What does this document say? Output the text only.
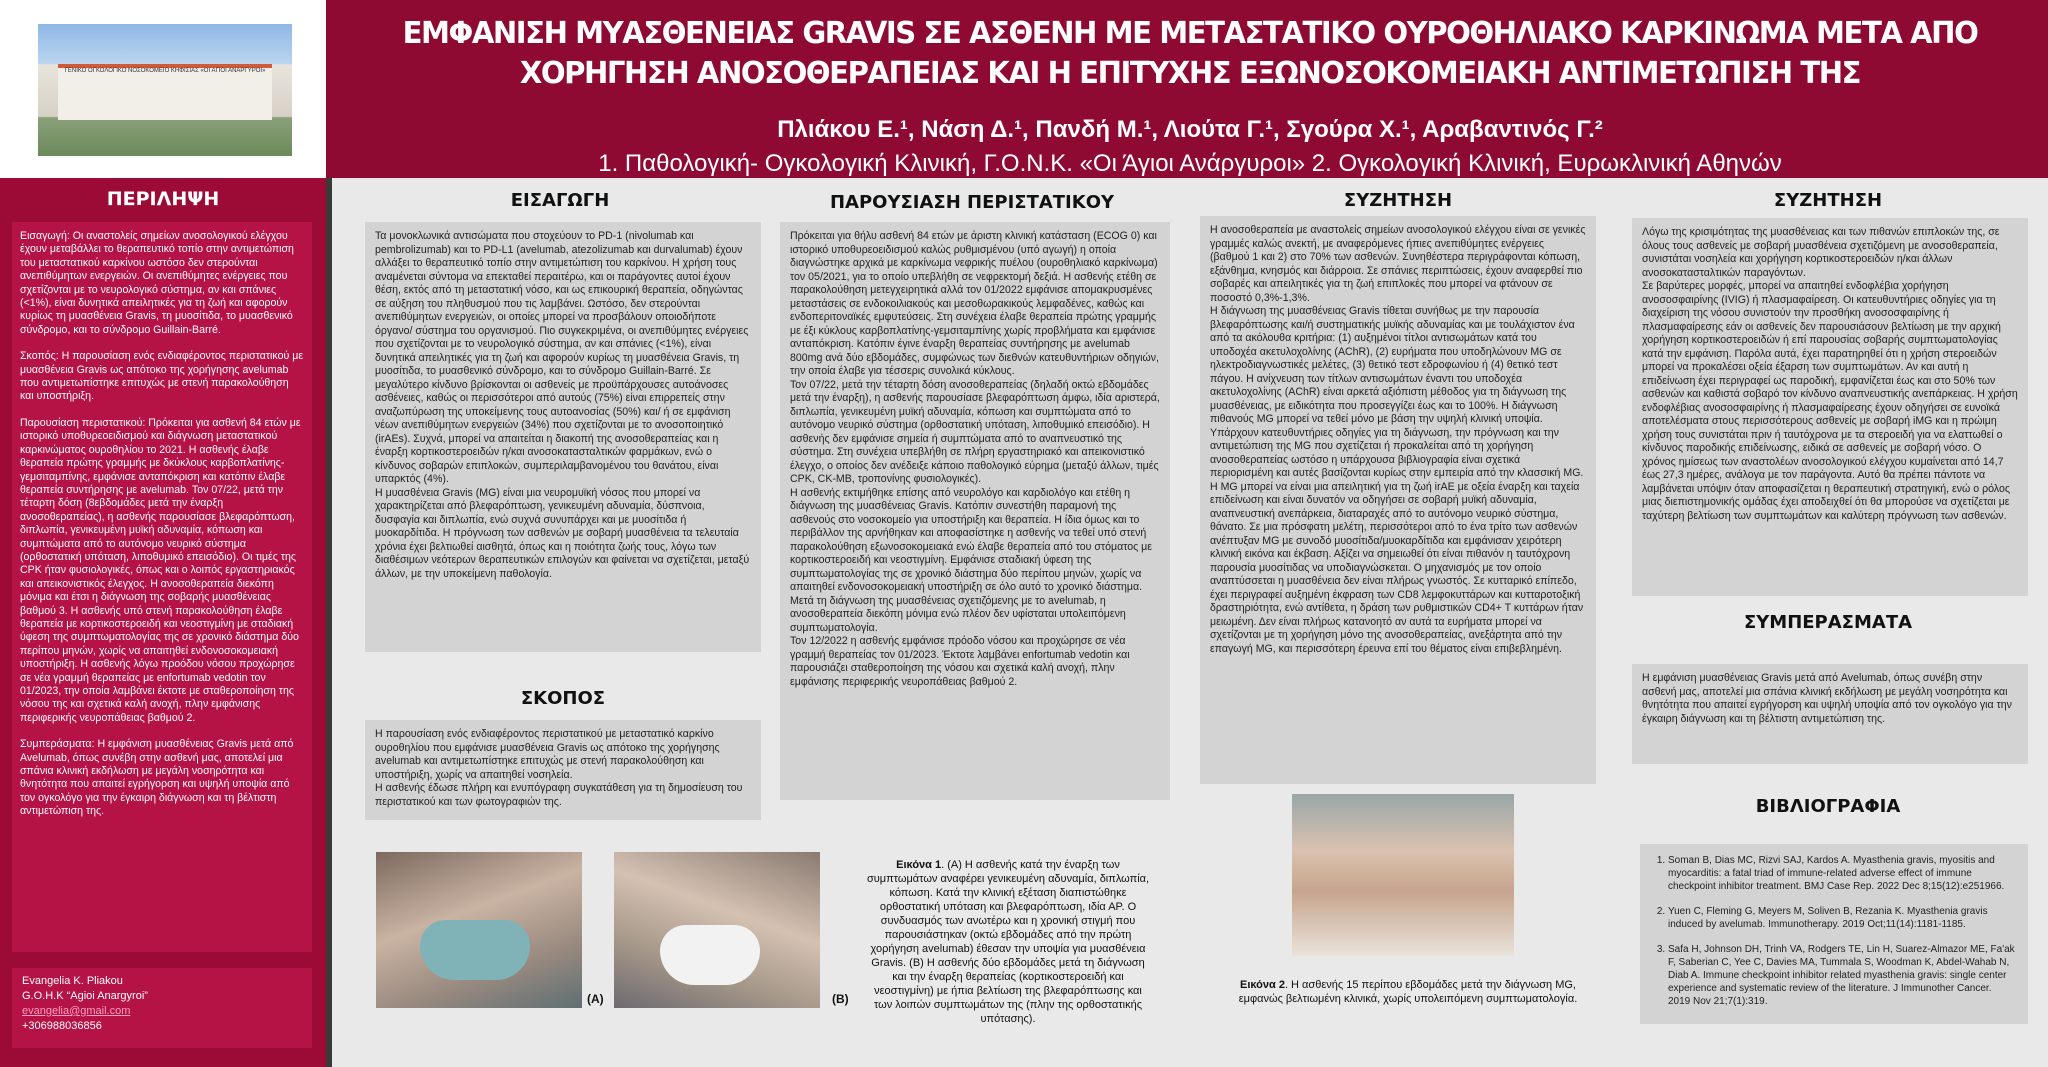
ΓΕΝΙΚΟ ΟΓΚΟΛΟΓΙΚΟ ΝΟΣΟΚΟΜΕΙΟ ΚΗΦΙΣΙΑΣ «ΟΙ ΑΓΙΟΙ ΑΝΑΡΓΥΡΟΙ»
ΕΜΦΑΝΙΣΗ ΜΥΑΣΘΕΝΕΙΑΣ GRAVIS ΣΕ ΑΣΘΕΝΗ ΜΕ ΜΕΤΑΣΤΑΤΙΚΟ ΟΥΡΟΘΗΛΙΑΚΟ ΚΑΡΚΙΝΩΜΑ ΜΕΤΑ ΑΠΟ ΧΟΡΗΓΗΣΗ ΑΝΟΣΟΘΕΡΑΠΕΙΑΣ ΚΑΙ Η ΕΠΙΤΥΧΗΣ ΕΞΩΝΟΣΟΚΟΜΕΙΑΚΗ ΑΝΤΙΜΕΤΩΠΙΣΗ ΤΗΣ
Πλιάκου Ε.¹, Νάση Δ.¹, Πανδή Μ.¹, Λιούτα Γ.¹, Σγούρα Χ.¹, Αραβαντινός Γ.²
1. Παθολογική- Ογκολογική Κλινική, Γ.Ο.Ν.Κ. «Οι Άγιοι Ανάργυροι» 2. Ογκολογική Κλινική, Ευρωκλινική Αθηνών
ΠΕΡΙΛΗΨΗ

Εισαγωγή: Οι αναστολείς σημείων ανοσολογικού ελέγχου έχουν μεταβάλλει το θεραπευτικό τοπίο στην αντιμετώπιση του μεταστατικού καρκίνου ωστόσο δεν στερούνται ανεπιθύμητων ενεργειών. Οι ανεπιθύμητες ενέργειες που σχετίζονται με το νευρολογικό σύστημα, αν και σπάνιες (<1%), είναι δυνητικά απειλητικές για τη ζωή και αφορούν κυρίως τη μυασθένεια Gravis, τη μυοσίτιδα, το μυασθενικό σύνδρομο, και το σύνδρομο Guillain-Barré.

Σκοπός: Η παρουσίαση ενός ενδιαφέροντος περιστατικού με μυασθένεια Gravis ως απότοκο της χορήγησης avelumab που αντιμετωπίστηκε επιτυχώς με στενή παρακολούθηση και υποστήριξη.

Παρουσίαση περιστατικού: Πρόκειται για ασθενή 84 ετών με ιστορικό υποθυρεοειδισμού και διάγνωση μεταστατικού καρκινώματος ουροθηλίου το 2021. Η ασθενής έλαβε θεραπεία πρώτης γραμμής με δκύκλους καρβοπλατίνης-γεμσιταμπίνης, εμφάνισε ανταπόκριση και κατόπιν έλαβε θεραπεία συντήρησης με avelumab. Τον 07/22, μετά την τέταρτη δόση (8εβδομάδες μετά την έναρξη ανοσοθεραπείας), η ασθενής παρουσίασε βλεφαρόπτωση, διπλωπία, γενικευμένη μυϊκή αδυναμία, κόπωση και συμπτώματα από το αυτόνομο νευρικό σύστημα (ορθοστατική υπόταση, λιποθυμικό επεισόδιο). Οι τιμές της CPK ήταν φυσιολογικές, όπως και ο λοιπός εργαστηριακός και απεικονιστικός έλεγχος. Η ανοσοθεραπεία διεκόπη μόνιμα και έτσι η διάγνωση της σοβαρής μυασθένειας βαθμού 3. Η ασθενής υπό στενή παρακολούθηση έλαβε θεραπεία με κορτικοστεροειδή και νεοστιγμίνη με σταδιακή ύφεση της συμπτωματολογίας της σε χρονικό διάστημα δύο περίπου μηνών, χωρίς να απαιτηθεί ενδονοσοκομειακή υποστήριξη. Η ασθενής λόγω προόδου νόσου προχώρησε σε νέα γραμμή θεραπείας με enfortumab vedotin τον 01/2023, την οποία λαμβάνει έκτοτε με σταθεροποίηση της νόσου της και σχετικά καλή ανοχή, πλην εμφάνισης περιφερικής νευροπάθειας βαθμού 2.

Συμπεράσματα: Η εμφάνιση μυασθένειας Gravis μετά από Avelumab, όπως συνέβη στην ασθενή μας, αποτελεί μια σπάνια κλινική εκδήλωση με μεγάλη νοσηρότητα και θνητότητα που απαιτεί εγρήγορση και υψηλή υποψία από τον ογκολόγο για την έγκαιρη διάγνωση και τη βέλτιστη αντιμετώπιση της.

Evangelia K. Pliakou
G.O.H.K “Agioi Anargyroi”
evangelia@gmail.com
+306988036856
ΕΙΣΑΓΩΓΗ
Τα μονοκλωνικά αντισώματα που στοχεύουν το PD-1 (nivolumab και pembrolizumab) και το PD-L1 (avelumab, atezolizumab και durvalumab) έχουν αλλάξει το θεραπευτικό τοπίο στην αντιμετώπιση του καρκίνου. Η χρήση τους αναμένεται σύντομα να επεκταθεί περαιτέρω, και οι παράγοντες αυτοί έχουν θέση, εκτός από τη μεταστατική νόσο, και ως επικουρική θεραπεία, οδηγώντας σε αύξηση του πληθυσμού που τις λαμβάνει. Ωστόσο, δεν στερούνται ανεπιθύμητων ενεργειών, οι οποίες μπορεί να προσβάλουν οποιοδήποτε όργανο/ σύστημα του οργανισμού. Πιο συγκεκριμένα, οι ανεπιθύμητες ενέργειες που σχετίζονται με το νευρολογικό σύστημα, αν και σπάνιες (<1%), είναι δυνητικά απειλητικές για τη ζωή και αφορούν κυρίως τη μυασθένεια Gravis, τη μυοσίτιδα, το μυασθενικό σύνδρομο, και το σύνδρομο Guillain-Barré. Σε μεγαλύτερο κίνδυνο βρίσκονται οι ασθενείς με προϋπάρχουσες αυτοάνοσες ασθένειες, καθώς οι περισσότεροι από αυτούς (75%) είναι επιρρεπείς στην αναζωπύρωση της υποκείμενης τους αυτοανοσίας (50%) και/ ή σε εμφάνιση νέων ανεπιθύμητων ενεργειών (34%) που σχετίζονται με το ανοσοποιητικό (irAEs). Συχνά, μπορεί να απαιτείται η διακοπή της ανοσοθεραπείας και η έναρξη κορτικοστεροειδών η/και ανοσοκατασταλτικών φαρμάκων, ενώ ο κίνδυνος σοβαρών επιπλοκών, συμπεριλαμβανομένου του θανάτου, είναι υπαρκτός (4%).
Η μυασθένεια Gravis (MG) είναι μια νευρομυϊκή νόσος που μπορεί να χαρακτηρίζεται από βλεφαρόπτωση, γενικευμένη αδυναμία, δύσπνοια, δυσφαγία και διπλωπία, ενώ συχνά συνυπάρχει και με μυοσίτιδα ή μυοκαρδίτιδα. Η πρόγνωση των ασθενών με σοβαρή μυασθένεια τα τελευταία χρόνια έχει βελτιωθεί αισθητά, όπως και η ποιότητα ζωής τους, λόγω των διαθέσιμων νεότερων θεραπευτικών επιλογών και φαίνεται να σχετίζεται, μεταξύ άλλων, με την υποκείμενη παθολογία.
ΣΚΟΠΟΣ
Η παρουσίαση ενός ενδιαφέροντος περιστατικού με μεταστατικό καρκίνο ουροθηλίου που εμφάνισε μυασθένεια Gravis ως απότοκο της χορήγησης avelumab και αντιμετωπίστηκε επιτυχώς με στενή παρακολούθηση και υποστήριξη, χωρίς να απαιτηθεί νοσηλεία.
Η ασθενής έδωσε πλήρη και ενυπόγραφη συγκατάθεση για τη δημοσίευση του περιστατικού και των φωτογραφιών της.
ΠΑΡΟΥΣΙΑΣΗ ΠΕΡΙΣΤΑΤΙΚΟΥ
Πρόκειται για θήλυ ασθενή 84 ετών με άριστη κλινική κατάσταση (ECOG 0) και ιστορικό υποθυρεοειδισμού καλώς ρυθμισμένου (υπό αγωγή) η οποία διαγνώστηκε αρχικά με καρκίνωμα νεφρικής πυέλου (ουροθηλιακό καρκίνωμα) τον 05/2021, για το οποίο υπεβλήθη σε νεφρεκτομή δεξιά. Η ασθενής ετέθη σε παρακολούθηση μετεγχειρητικά αλλά τον 01/2022 εμφάνισε απομακρυσμένες μεταστάσεις σε ενδοκοιλιακούς και μεσοθωρακικούς λεμφαδένες, καθώς και ενδοπεριτοναϊκές εμφυτεύσεις. Στη συνέχεια έλαβε θεραπεία πρώτης γραμμής με έξι κύκλους καρβοπλατίνης-γεμσιταμπίνης χωρίς προβλήματα και εμφάνισε ανταπόκριση. Κατόπιν έγινε έναρξη θεραπείας συντήρησης με avelumab 800mg ανά δύο εβδομάδες, συμφώνως των διεθνών κατευθυντήριων οδηγιών, την οποία έλαβε για τέσσερις συνολικά κύκλους.
Τον 07/22, μετά την τέταρτη δόση ανοσοθεραπείας (δηλαδή οκτώ εβδομάδες μετά την έναρξη), η ασθενής παρουσίασε βλεφαρόπτωση άμφω, ιδία αριστερά, διπλωπία, γενικευμένη μυϊκή αδυναμία, κόπωση και συμπτώματα από το αυτόνομο νευρικό σύστημα (ορθοστατική υπόταση, λιποθυμικό επεισόδιο). Η ασθενής δεν εμφάνισε σημεία ή συμπτώματα από το αναπνευστικό της σύστημα. Στη συνέχεια υπεβλήθη σε πλήρη εργαστηριακό και απεικονιστικό έλεγχο, ο οποίος δεν ανέδειξε κάποιο παθολογικό εύρημα (μεταξύ άλλων, τιμές CPK, CK-MB, τροπονίνης φυσιολογικές).
Η ασθενής εκτιμήθηκε επίσης από νευρολόγο και καρδιολόγο και ετέθη η διάγνωση της μυασθένειας Gravis. Κατόπιν συνεστήθη παραμονή της ασθενούς στο νοσοκομείο για υποστήριξη και θεραπεία. Η ίδια όμως και το περιβάλλον της αρνήθηκαν και αποφασίστηκε η ασθενής να τεθεί υπό στενή παρακολούθηση εξωνοσοκομειακά ενώ έλαβε θεραπεία από του στόματος με κορτικοστεροειδή και νεοστιγμίνη. Εμφάνισε σταδιακή ύφεση της συμπτωματολογίας της σε χρονικό διάστημα δύο περίπου μηνών, χωρίς να απαιτηθεί ενδονοσοκομειακή υποστήριξη σε όλο αυτό το χρονικό διάστημα. Μετά τη διάγνωση της μυασθένειας σχετιζόμενης με το avelumab, η ανοσοθεραπεία διεκόπη μόνιμα ενώ πλέον δεν υφίσταται υπολειπόμενη συμπτωματολογία.
Τον 12/2022 η ασθενής εμφάνισε πρόοδο νόσου και προχώρησε σε νέα γραμμή θεραπείας τον 01/2023. Έκτοτε λαμβάνει enfortumab vedotin και παρουσιάζει σταθεροποίηση της νόσου και σχετικά καλή ανοχή, πλην εμφάνισης περιφερικής νευροπάθειας βαθμού 2.
(A)	(B)
Εικόνα 1. (A) Η ασθενής κατά την έναρξη των συμπτωμάτων αναφέρει γενικευμένη αδυναμία, διπλωπία, κόπωση. Κατά την κλινική εξέταση διαπιστώθηκε ορθοστατική υπόταση και βλεφαρόπτωση, ιδία ΑΡ. Ο συνδυασμός των ανωτέρω και η χρονική στιγμή που παρουσιάστηκαν (οκτώ εβδομάδες από την πρώτη χορήγηση avelumab) έθεσαν την υποψία για μυασθένεια Gravis. (B) Η ασθενής δύο εβδομάδες μετά τη διάγνωση και την έναρξη θεραπείας (κορτικοστεροειδή και νεοστιγμίνη) με ήπια βελτίωση της βλεφαρόπτωσης και των λοιπών συμπτωμάτων της (πλην της ορθοστατικής υπότασης).
ΣΥΖΗΤΗΣΗ
Η ανοσοθεραπεία με αναστολείς σημείων ανοσολογικού ελέγχου είναι σε γενικές γραμμές καλώς ανεκτή, με αναφερόμενες ήπιες ανεπιθύμητες ενέργειες (βαθμού 1 και 2) στο 70% των ασθενών. Συνηθέστερα περιγράφονται κόπωση, εξάνθημα, κνησμός και διάρροια. Σε σπάνιες περιπτώσεις, έχουν αναφερθεί πιο σοβαρές και απειλητικές για τη ζωή επιπλοκές που μπορεί να φτάνουν σε ποσοστό 0,3%-1,3%.
Η διάγνωση της μυασθένειας Gravis τίθεται συνήθως με την παρουσία βλεφαρόπτωσης και/ή συστηματικής μυϊκής αδυναμίας και με τουλάχιστον ένα από τα ακόλουθα κριτήρια: (1) αυξημένοι τίτλοι αντισωμάτων κατά του υποδοχέα ακετυλοχολίνης (AChR), (2) ευρήματα που υποδηλώνουν MG σε ηλεκτροδιαγνωστικές μελέτες, (3) θετικό τεστ εδροφωνίου ή (4) θετικό τεστ πάγου. Η ανίχνευση των τίτλων αντισωμάτων έναντι του υποδοχέα ακετυλοχολίνης (AChR) είναι αρκετά αξιόπιστη μέθοδος για τη διάγνωση της μυασθένειας, με ειδικότητα που προσεγγίζει έως και το 100%. Η διάγνωση πιθανούς MG μπορεί να τεθεί μόνο με βάση την υψηλή κλινική υποψία.
Υπάρχουν κατευθυντήριες οδηγίες για τη διάγνωση, την πρόγνωση και την αντιμετώπιση της MG που σχετίζεται ή προκαλείται από τη χορήγηση ανοσοθεραπείας ωστόσο η υπάρχουσα βιβλιογραφία είναι σχετικά περιορισμένη και αυτές βασίζονται κυρίως στην εμπειρία από την κλασσική MG.
H MG μπορεί να είναι μια απειλητική για τη ζωή irAE με οξεία έναρξη και ταχεία επιδείνωση και είναι δυνατόν να οδηγήσει σε σοβαρή μυϊκή αδυναμία, αναπνευστική ανεπάρκεια, διαταραχές από το αυτόνομο νευρικό σύστημα, θάνατο. Σε μια πρόσφατη μελέτη, περισσότεροι από το ένα τρίτο των ασθενών ανέπτυξαν MG με συνοδό μυοσίτιδα/μυοκαρδίτιδα και εμφάνισαν χειρότερη κλινική εικόνα και έκβαση. Αξίζει να σημειωθεί ότι είναι πιθανόν η ταυτόχρονη παρουσία μυοσίτιδας να υποδιαγνώσκεται. Ο μηχανισμός με τον οποίο αναπτύσσεται η μυασθένεια δεν είναι πλήρως γνωστός. Σε κυτταρικό επίπεδο, έχει περιγραφεί αυξημένη έκφραση των CD8 λεμφοκυττάρων και κυτταροτοξική δραστηριότητα, ενώ αντίθετα, η δράση των ρυθμιστικών CD4+ T κυττάρων ήταν μειωμένη. Δεν είναι πλήρως κατανοητό αν αυτά τα ευρήματα μπορεί να σχετίζονται με τη χορήγηση μόνο της ανοσοθεραπείας, ανεξάρτητα από την επαγωγή MG, και περισσότερη έρευνα επί του θέματος είναι επιβεβλημένη.
Εικόνα 2. Η ασθενής 15 περίπου εβδομάδες μετά την διάγνωση MG, εμφανώς βελτιωμένη κλινικά, χωρίς υπολειπόμενη συμπτωματολογία.
ΣΥΖΗΤΗΣΗ
Λόγω της κρισιμότητας της μυασθένειας και των πιθανών επιπλοκών της, σε όλους τους ασθενείς με σοβαρή μυασθένεια σχετιζόμενη με ανοσοθεραπεία, συνιστάται νοσηλεία και χορήγηση κορτικοστεροειδών η/και άλλων ανοσοκατασταλτικών παραγόντων.
Σε βαρύτερες μορφές, μπορεί να απαιτηθεί ενδοφλέβια χορήγηση ανοσοσφαιρίνης (IVIG) ή πλασμαφαίρεση. Οι κατευθυντήριες οδηγίες για τη διαχείριση της νόσου συνιστούν την προσθήκη ανοσοσφαιρίνης ή πλασμαφαίρεσης εάν οι ασθενείς δεν παρουσιάσουν βελτίωση με την αρχική χορήγηση κορτικοστεροειδών ή επί παρουσίας σοβαρής συμπτωματολογίας κατά την εμφάνιση. Παρόλα αυτά, έχει παρατηρηθεί ότι η χρήση στεροειδών μπορεί να προκαλέσει οξεία έξαρση των συμπτωμάτων. Αν και αυτή η επιδείνωση έχει περιγραφεί ως παροδική, εμφανίζεται έως και στο 50% των ασθενών και καθιστά σοβαρό τον κίνδυνο αναπνευστικής ανεπάρκειας. Η χρήση ενδοφλέβιας ανοσοσφαιρίνης ή πλασμαφαίρεσης έχουν οδηγήσει σε ευνοϊκά αποτελέσματα στους περισσότερους ασθενείς με σοβαρή iMG και η πρώιμη χρήση τους συνιστάται πριν ή ταυτόχρονα με τα στεροειδή για να ελαττωθεί ο κίνδυνος παροδικής επιδείνωσης, ειδικά σε ασθενείς με σοβαρή νόσο. Ο χρόνος ημίσεως των αναστολέων ανοσολογικού ελέγχου κυμαίνεται από 14,7 έως 27,3 ημέρες, ανάλογα με τον παράγοντα. Αυτό θα πρέπει πάντοτε να λαμβάνεται υπόψιν όταν αποφασίζεται η θεραπευτική στρατηγική, ενώ ο ρόλος μιας διεπιστημονικής ομάδας έχει αποδειχθεί ότι θα μπορούσε να σχετίζεται με ταχύτερη βελτίωση των συμπτωμάτων και καλύτερη πρόγνωση των ασθενών.
ΣΥΜΠΕΡΑΣΜΑΤΑ
Η εμφάνιση μυασθένειας Gravis μετά από Avelumab, όπως συνέβη στην ασθενή μας, αποτελεί μια σπάνια κλινική εκδήλωση με μεγάλη νοσηρότητα και θνητότητα που απαιτεί εγρήγορση και υψηλή υποψία από τον ογκολόγο για την έγκαιρη διάγνωση και τη βέλτιστη αντιμετώπιση της.
ΒΙΒΛΙΟΓΡΑΦΙΑ
1. Soman B, Dias MC, Rizvi SAJ, Kardos A. Myasthenia gravis, myositis and myocarditis: a fatal triad of immune-related adverse effect of immune checkpoint inhibitor treatment. BMJ Case Rep. 2022 Dec 8;15(12):e251966.
2. Yuen C, Fleming G, Meyers M, Soliven B, Rezania K. Myasthenia gravis induced by avelumab. Immunotherapy. 2019 Oct;11(14):1181-1185.
3. Safa H, Johnson DH, Trinh VA, Rodgers TE, Lin H, Suarez-Almazor ME, Fa'ak F, Saberian C, Yee C, Davies MA, Tummala S, Woodman K, Abdel-Wahab N, Diab A. Immune checkpoint inhibitor related myasthenia gravis: single center experience and systematic review of the literature. J Immunother Cancer. 2019 Nov 21;7(1):319.
